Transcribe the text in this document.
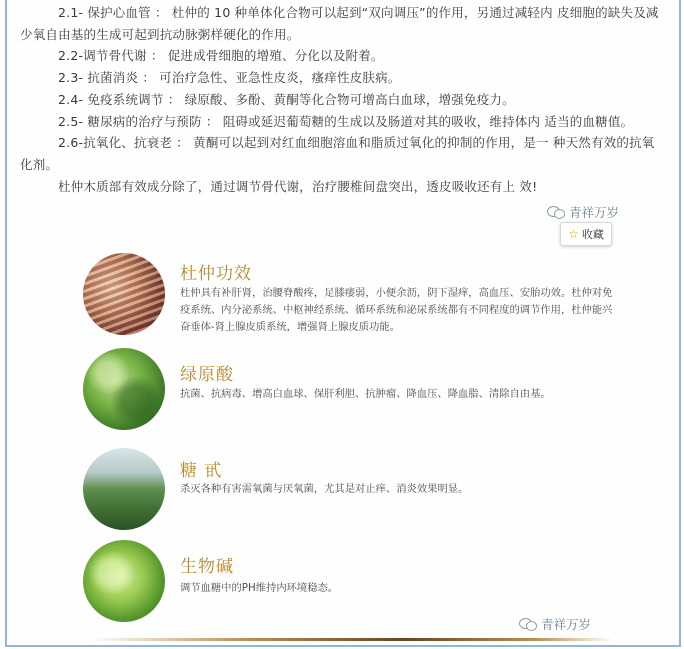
2.1- 保护心血管 ： 杜仲的 10 种单体化合物可以起到“双向调压”的作用，另通过减轻内 皮细胞的缺失及减少氧自由基的生成可起到抗动脉粥样硬化的作用。

2.2-调节骨代谢 ： 促进成骨细胞的增殖、分化以及附着。

2.3- 抗菌消炎 ： 可治疗急性、亚急性皮炎，瘙痒性皮肤病。

2.4- 免疫系统调节 ： 绿原酸、多酚、黄酮等化合物可增高白血球，增强免疫力。

2.5- 糖尿病的治疗与预防 ： 阻碍或延迟葡萄糖的生成以及肠道对其的吸收，维持体内 适当的血糖值。

2.6-抗氧化、抗衰老 ： 黄酮可以起到对红血细胞溶血和脂质过氧化的抑制的作用，是一 种天然有效的抗氧化剂。

杜仲木质部有效成分除了，通过调节骨代谢，治疗腰椎间盘突出，透皮吸收还有上 效!

青祥万岁
☆ 收藏
杜仲功效
杜仲具有补肝肾，治腰脊酸疼，足膝痿弱，小便余沥，阴下湿痒，高血压、安胎功效。杜仲对免疫系统、内分泌系统、中枢神经系统、循环系统和泌尿系统都有不同程度的调节作用，杜仲能兴奋垂体-肾上腺皮质系统，增强肾上腺皮质功能。
绿原酸
抗菌、抗病毒、增高白血球、保肝利胆、抗肿瘤、降血压、降血脂、清除自由基。
糖 甙
杀灭各种有害需氧菌与厌氧菌，尤其是对止痒、消炎效果明显。
生物碱
调节血糖中的PH维持内环境稳态。
青祥万岁
